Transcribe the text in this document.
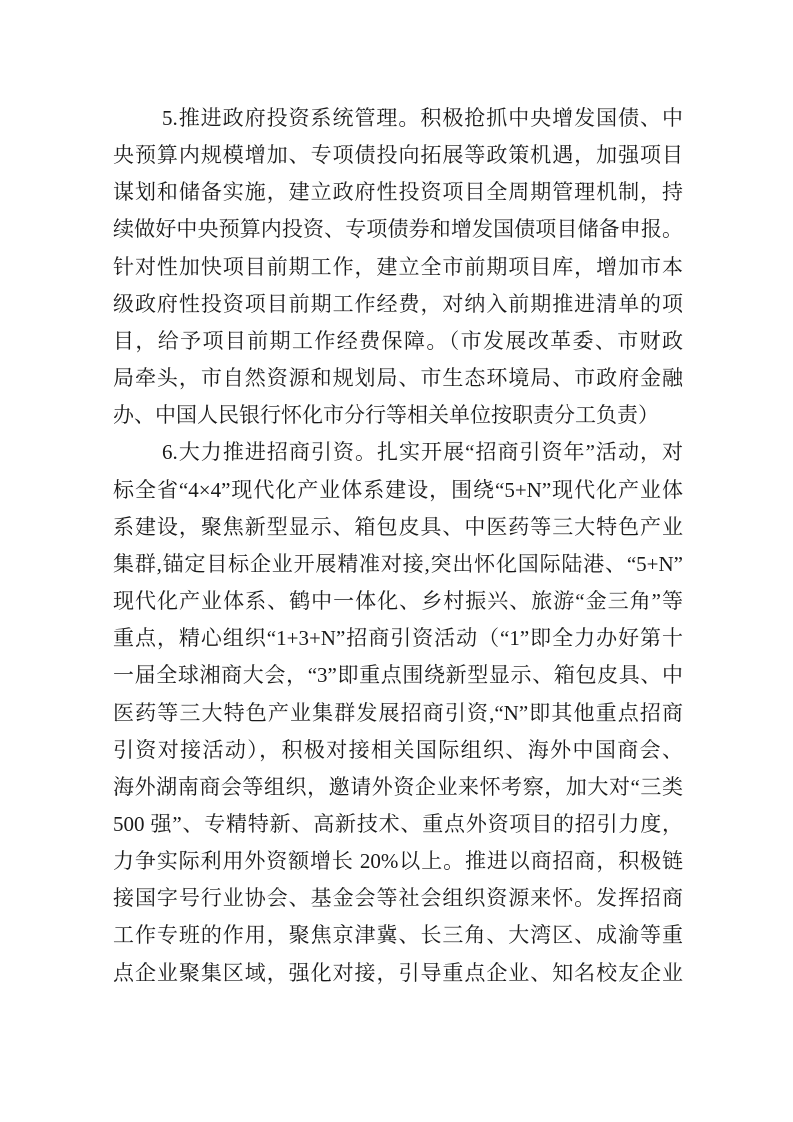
5.推进政府投资系统管理。积极抢抓中央增发国债、中
央预算内规模增加、专项债投向拓展等政策机遇，加强项目
谋划和储备实施，建立政府性投资项目全周期管理机制，持
续做好中央预算内投资、专项债券和增发国债项目储备申报。
针对性加快项目前期工作，建立全市前期项目库，增加市本
级政府性投资项目前期工作经费，对纳入前期推进清单的项
目，给予项目前期工作经费保障。（市发展改革委、市财政
局牵头，市自然资源和规划局、市生态环境局、市政府金融
办、中国人民银行怀化市分行等相关单位按职责分工负责）
6.大力推进招商引资。扎实开展“招商引资年”活动，对
标全省“4×4”现代化产业体系建设，围绕“5+N”现代化产业体
系建设，聚焦新型显示、箱包皮具、中医药等三大特色产业
集群,锚定目标企业开展精准对接,突出怀化国际陆港、“5+N”
现代化产业体系、鹤中一体化、乡村振兴、旅游“金三角”等
重点，精心组织“1+3+N”招商引资活动（“1”即全力办好第十
一届全球湘商大会，“3”即重点围绕新型显示、箱包皮具、中
医药等三大特色产业集群发展招商引资,“N”即其他重点招商
引资对接活动），积极对接相关国际组织、海外中国商会、
海外湖南商会等组织，邀请外资企业来怀考察，加大对“三类
500 强”、专精特新、高新技术、重点外资项目的招引力度，
力争实际利用外资额增长 20%以上。推进以商招商，积极链
接国字号行业协会、基金会等社会组织资源来怀。发挥招商
工作专班的作用，聚焦京津冀、长三角、大湾区、成渝等重
点企业聚集区域，强化对接，引导重点企业、知名校友企业
